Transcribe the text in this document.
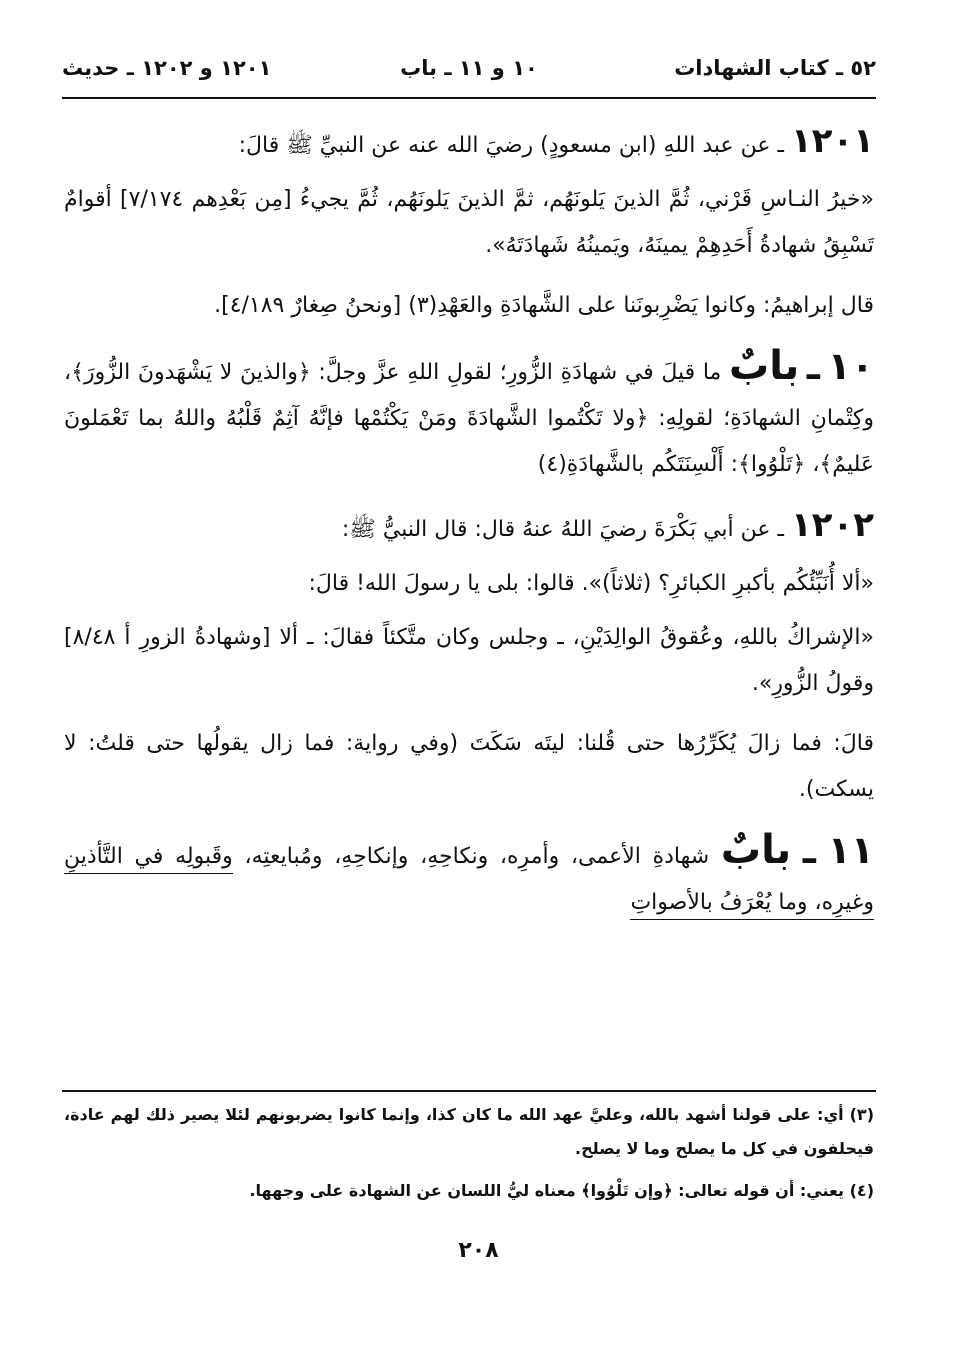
٥٢ ـ كتاب الشهادات
١٠ و ١١ ـ باب
١٢٠١ و ١٢٠٢ ـ حديث

١٢٠١ ـ عن عبد اللهِ (ابن مسعودٍ) رضيَ الله عنه عن النبيِّ ﷺ قالَ:

«خيرُ النـاسِ قَرْني، ثُمَّ الذينَ يَلونَهُم، ثمَّ الذينَ يَلونَهُم، ثُمَّ يجيءُ [مِن بَعْدِهم ٧/١٧٤] أقوامٌ تَسْبِقُ شهادةُ أَحَدِهِمْ يمينَهُ، ويَمينُهُ شَهادَتَهُ».

قال إبراهيمُ: وكانوا يَضْرِبونَنا على الشَّهادَةِ والعَهْدِ(٣) [ونحنُ صِغارٌ ٤/١٨٩].

١٠ ـ بابٌ ما قيلَ في شهادَةِ الزُّورِ؛ لقولِ اللهِ عزَّ وجلَّ: ﴿والذينَ لا يَشْهَدونَ الزُّورَ﴾، وكِتْمانِ الشهادَةِ؛ لقولِهِ: ﴿ولا تَكْتُموا الشَّهادَةَ ومَنْ يَكْتُمْها فإنَّهُ آثِمٌ قَلْبُهُ واللهُ بما تَعْمَلونَ عَليمٌ﴾، ﴿تَلْوُوا﴾: أَلْسِنَتَكُم بالشَّهادَةِ(٤)

١٢٠٢ ـ عن أبي بَكْرَةَ رضيَ اللهُ عنهُ قال: قال النبيُّ ﷺ:

«ألا أُنَبِّئُكُم بأكبرِ الكبائرِ؟ (ثلاثاً)». قالوا: بلى يا رسولَ الله! قالَ:

«الإشراكُ باللهِ، وعُقوقُ الوالِدَيْنِ، ـ وجلس وكان متَّكئاً فقالَ: ـ ألا [وشهادةُ الزورِ أ ٨/٤٨] وقولُ الزُّورِ».

قالَ: فما زالَ يُكَرِّرُها حتى قُلنا: ليتَه سَكَتَ (وفي رواية: فما زال يقولُها حتى قلتُ: لا يسكت).

١١ ـ بابٌ شهادةِ الأعمى، وأمرِه، ونكاحِهِ، وإنكاحِهِ، ومُبايعتِه، وقَبولِه في التَّأذينِ وغيرِه، وما يُعْرَفُ بالأصواتِ

(٣) أي: على قولنا أشهد بالله، وعليَّ عهد الله ما كان كذا، وإنما كانوا يضربونهم لئلا يصير ذلك لهم عادة، فيحلفون في كل ما يصلح وما لا يصلح.

(٤) يعني: أن قوله تعالى: ﴿وإن تَلْوُوا﴾ معناه ليُّ اللسان عن الشهادة على وجهها.

٢٠٨
